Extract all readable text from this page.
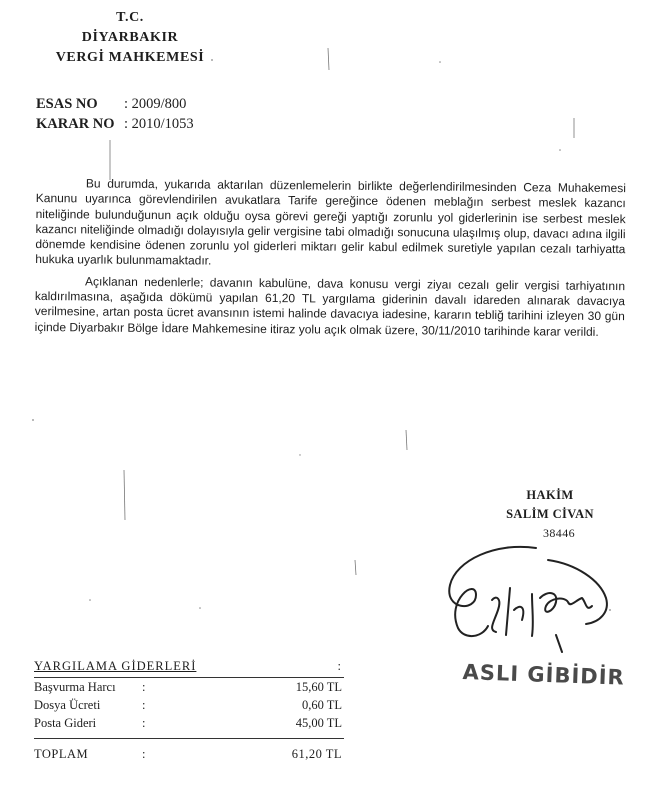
T.C.
DİYARBAKIR
VERGİ MAHKEMESİ
ESAS NO : 2009/800
KARAR NO : 2010/1053

Bu durumda, yukarıda aktarılan düzenlemelerin birlikte değerlendirilmesinden Ceza Muhakemesi Kanunu uyarınca görevlendirilen avukatlara Tarife gereğince ödenen meblağın serbest meslek kazancı niteliğinde bulunduğunun açık olduğu oysa görevi gereği yaptığı zorunlu yol giderlerinin ise serbest meslek kazancı niteliğinde olmadığı dolayısıyla gelir vergisine tabi olmadığı sonucuna ulaşılmış olup, davacı adına ilgili dönemde kendisine ödenen zorunlu yol giderleri miktarı gelir kabul edilmek suretiyle yapılan cezalı tarhiyatta hukuka uyarlık bulunmamaktadır.

Açıklanan nedenlerle; davanın kabulüne, dava konusu vergi ziyaı cezalı gelir vergisi tarhiyatının kaldırılmasına, aşağıda dökümü yapılan 61,20 TL yargılama giderinin davalı idareden alınarak davacıya verilmesine, artan posta ücret avansının istemi halinde davacıya iadesine, kararın tebliğ tarihini izleyen 30 gün içinde Diyarbakır Bölge İdare Mahkemesine itiraz yolu açık olmak üzere, 30/11/2010 tarihinde karar verildi.

HAKİM
SALİM CİVAN
38446
ASLI GİBİDİR
YARGILAMA GİDERLERİ	:
Başvurma Harcı :	15,60 TL
Dosya Ücreti	:	0,60 TL
Posta Gideri	:	45,00 TL
TOPLAM	:	61,20 TL
